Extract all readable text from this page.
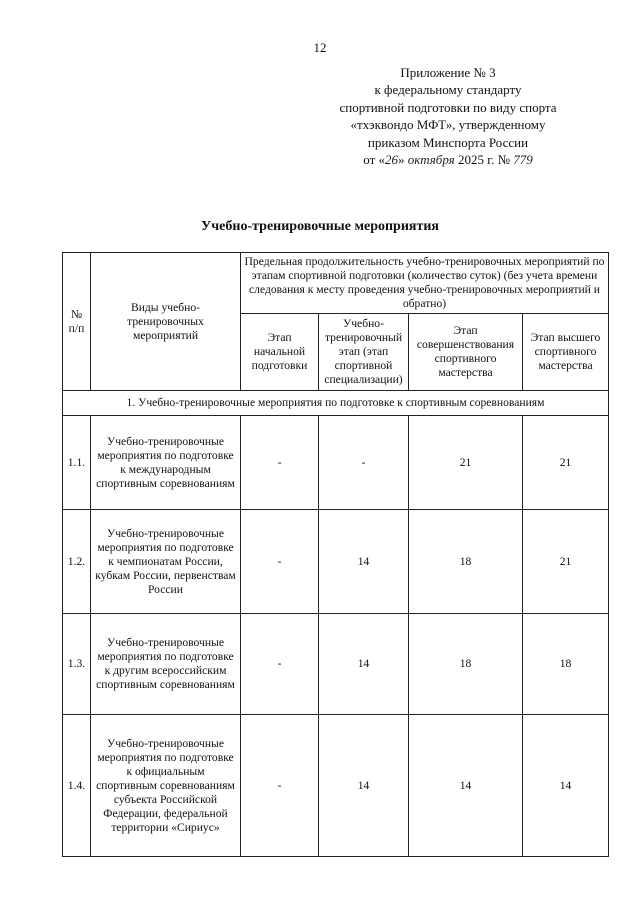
12
Приложение № 3
к федеральному стандарту
спортивной подготовки по виду спорта
«тхэквондо МФТ», утвержденному
приказом Минспорта России
от «26» октября 2025 г. № 779
Учебно-тренировочные мероприятия
№ п/п	Виды учебно-тренировочных мероприятий	Предельная продолжительность учебно-тренировочных мероприятий по этапам спортивной подготовки (количество суток) (без учета времени следования к месту проведения учебно-тренировочных мероприятий и обратно)			
		Этап начальной подготовки	Учебно-тренировочный этап (этап спортивной специализации)	Этап совершенствования спортивного мастерства	Этап высшего спортивного мастерства
1. Учебно-тренировочные мероприятия по подготовке к спортивным соревнованиям					
1.1.	Учебно-тренировочные мероприятия по подготовке к международным спортивным соревнованиям	-	-	21	21
1.2.	Учебно-тренировочные мероприятия по подготовке к чемпионатам России, кубкам России, первенствам России	-	14	18	21
1.3.	Учебно-тренировочные мероприятия по подготовке к другим всероссийским спортивным соревнованиям	-	14	18	18
1.4.	Учебно-тренировочные мероприятия по подготовке к официальным спортивным соревнованиям субъекта Российской Федерации, федеральной территории «Сириус»	-	14	14	14
